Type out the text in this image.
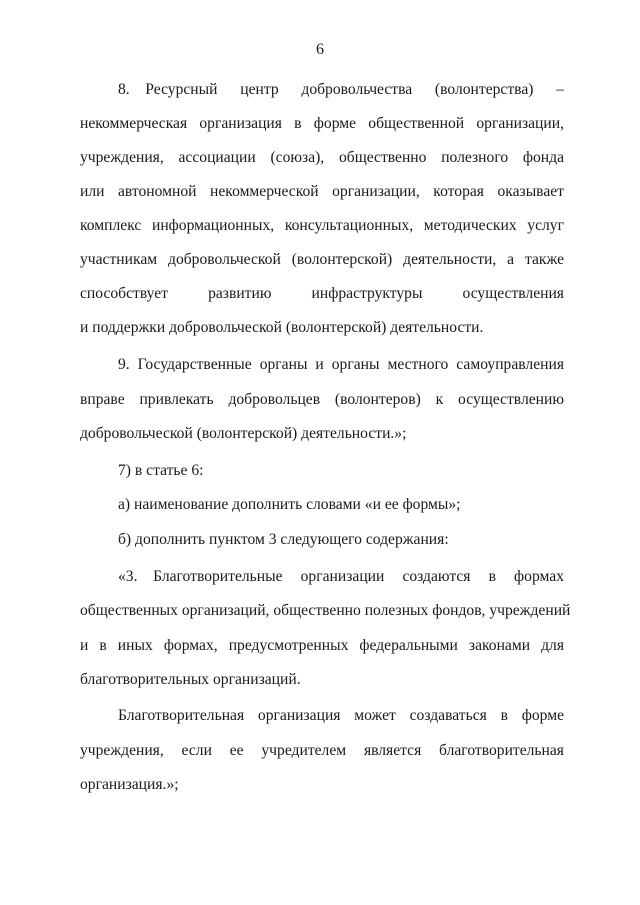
6
8. Ресурсный центр добровольчества (волонтерства) –
некоммерческая организация в форме общественной организации,
учреждения, ассоциации (союза), общественно полезного фонда
или автономной некоммерческой организации, которая оказывает
комплекс информационных, консультационных, методических услуг
участникам добровольческой (волонтерской) деятельности, а также
способствует развитию инфраструктуры осуществления
и поддержки добровольческой (волонтерской) деятельности.
9. Государственные органы и органы местного самоуправления
вправе привлекать добровольцев (волонтеров) к осуществлению
добровольческой (волонтерской) деятельности.»;
7) в статье 6:
а) наименование дополнить словами «и ее формы»;
б) дополнить пунктом 3 следующего содержания:
«3. Благотворительные организации создаются в формах
общественных организаций, общественно полезных фондов, учреждений
и в иных формах, предусмотренных федеральными законами для
благотворительных организаций.
Благотворительная организация может создаваться в форме
учреждения, если ее учредителем является благотворительная
организация.»;
